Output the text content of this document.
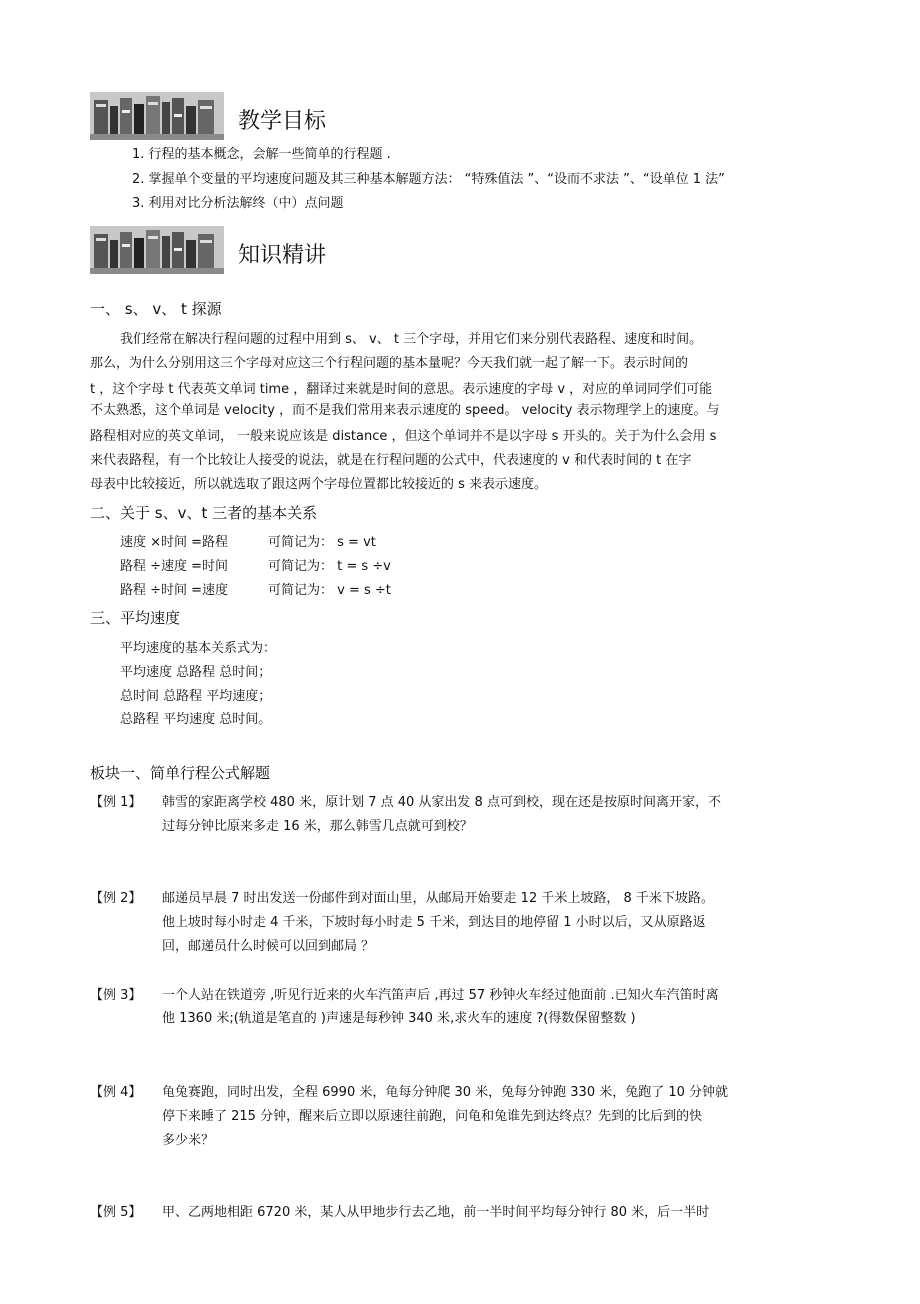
教学目标
1. 行程的基本概念，会解一些简单的行程题 .
2. 掌握单个变量的平均速度问题及其三种基本解题方法： “特殊值法 ”、“设而不求法 ”、“设单位 1 法”
3. 利用对比分析法解终（中）点问题
知识精讲
一、 s、 v、 t 探源
我们经常在解决行程问题的过程中用到 s、 v、 t 三个字母，并用它们来分别代表路程、速度和时间。
那么，为什么分别用这三个字母对应这三个行程问题的基本量呢？今天我们就一起了解一下。表示时间的
t ，这个字母 t 代表英文单词 time ，翻译过来就是时间的意思。表示速度的字母 v ，对应的单词同学们可能
不太熟悉，这个单词是 velocity ，而不是我们常用来表示速度的 speed。 velocity 表示物理学上的速度。与
路程相对应的英文单词， 一般来说应该是 distance ，但这个单词并不是以字母 s 开头的。关于为什么会用 s
来代表路程，有一个比较让人接受的说法，就是在行程问题的公式中，代表速度的 v 和代表时间的 t 在字
母表中比较接近，所以就选取了跟这两个字母位置都比较接近的 s 来表示速度。
二、关于 s、v、t 三者的基本关系
速度 ×时间 =路程	可简记为： s = vt
路程 ÷速度 =时间	可简记为： t = s ÷v
路程 ÷时间 =速度	可简记为： v = s ÷t
三、平均速度
平均速度的基本关系式为：
平均速度 总路程 总时间；
总时间 总路程 平均速度；
总路程 平均速度 总时间。
板块一、简单行程公式解题
【例 1】 韩雪的家距离学校 480 米，原计划 7 点 40 从家出发 8 点可到校，现在还是按原时间离开家，不
过每分钟比原来多走 16 米，那么韩雪几点就可到校？
【例 2】 邮递员早晨 7 时出发送一份邮件到对面山里，从邮局开始要走 12 千米上坡路， 8 千米下坡路。
他上坡时每小时走 4 千米，下坡时每小时走 5 千米，到达目的地停留 1 小时以后，又从原路返
回，邮递员什么时候可以回到邮局 ？
【例 3】 一个人站在铁道旁 ,听见行近来的火车汽笛声后 ,再过 57 秒钟火车经过他面前 .已知火车汽笛时离
他 1360 米;(轨道是笔直的 )声速是每秒钟 340 米,求火车的速度 ?(得数保留整数 )
【例 4】 龟兔赛跑，同时出发，全程 6990 米，龟每分钟爬 30 米，兔每分钟跑 330 米，兔跑了 10 分钟就
停下来睡了 215 分钟，醒来后立即以原速往前跑，问龟和兔谁先到达终点？先到的比后到的快
多少米？
【例 5】 甲、乙两地相距 6720 米，某人从甲地步行去乙地，前一半时间平均每分钟行 80 米，后一半时
